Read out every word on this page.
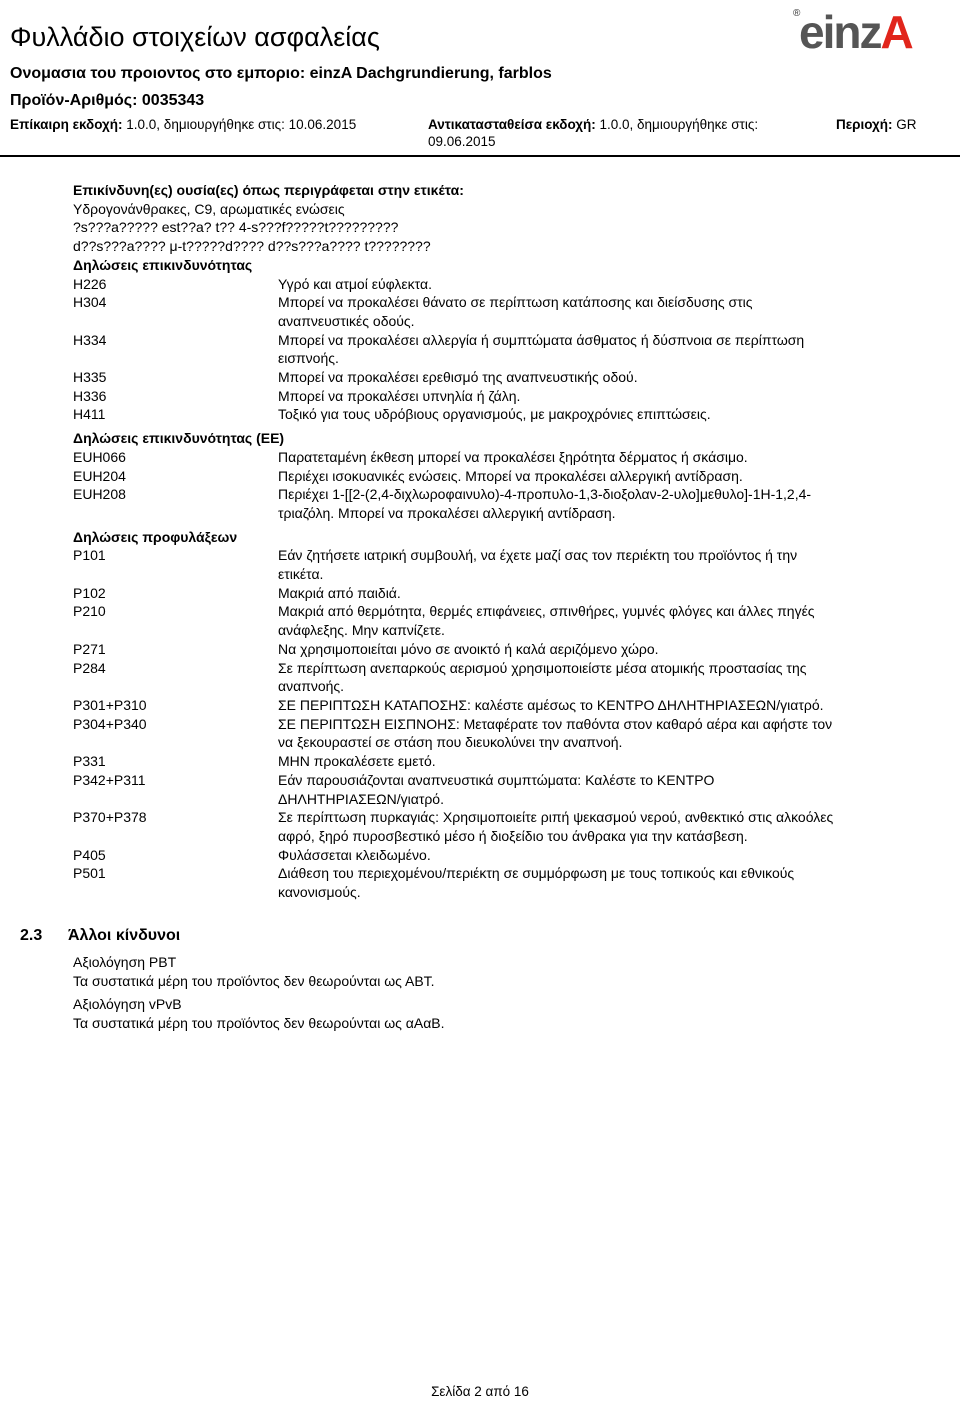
Φυλλάδιο στοιχείων ασφαλείας
®
einzA
Ονομασια του προιοντος στο εμποριο: einzA Dachgrundierung, farblos
Προϊόν-Αριθμός: 0035343
Επίκαιρη εκδοχή: 1.0.0, δημιουργήθηκε στις: 10.06.2015	Αντικατασταθείσα εκδοχή: 1.0.0, δημιουργήθηκε στις:
09.06.2015
Περιοχή: GR
Επικίνδυνη(ες) ουσία(ες) όπως περιγράφεται στην ετικέτα:
Υδρογονάνθρακες, C9, αρωματικές ενώσεις
?s???a????? est??a? t?? 4-s???f?????t?????????
d??s???a???? μ-t?????d???? d??s???a???? t????????
Δηλώσεις επικινδυνότητας
H226	Υγρό και ατμοί εύφλεκτα.
H304	Μπορεί να προκαλέσει θάνατο σε περίπτωση κατάποσης και διείσδυσης στις
αναπνευστικές οδούς.
H334	Μπορεί να προκαλέσει αλλεργία ή συμπτώματα άσθματος ή δύσπνοια σε περίπτωση
εισπνοής.
H335	Μπορεί να προκαλέσει ερεθισμό της αναπνευστικής οδού.
H336	Μπορεί να προκαλέσει υπνηλία ή ζάλη.
H411	Τοξικό για τους υδρόβιους οργανισμούς, με μακροχρόνιες επιπτώσεις.
Δηλώσεις επικινδυνότητας (ΕΕ)
EUH066	Παρατεταμένη έκθεση μπορεί να προκαλέσει ξηρότητα δέρματος ή σκάσιμο.
EUH204	Περιέχει ισοκυανικές ενώσεις. Μπορεί να προκαλέσει αλλεργική αντίδραση.
EUH208	Περιέχει 1-[[2-(2,4-διχλωροφαινυλο)-4-προπυλο-1,3-διοξολαν-2-υλο]μεθυλο]-1H-1,2,4-
τριαζόλη. Μπορεί να προκαλέσει αλλεργική αντίδραση.
Δηλώσεις προφυλάξεων
P101	Εάν ζητήσετε ιατρική συμβουλή, να έχετε μαζί σας τον περιέκτη του προϊόντος ή την
ετικέτα.
P102	Μακριά από παιδιά.
P210	Μακριά από θερμότητα, θερμές επιφάνειες, σπινθήρες, γυμνές φλόγες και άλλες πηγές
ανάφλεξης. Μην καπνίζετε.
P271	Να χρησιμοποιείται μόνο σε ανοικτό ή καλά αεριζόμενο χώρο.
P284	Σε περίπτωση ανεπαρκούς αερισμού χρησιμοποιείστε μέσα ατομικής προστασίας της
αναπνοής.
P301+P310	ΣΕ ΠΕΡΙΠΤΩΣΗ ΚΑΤΑΠΟΣΗΣ: καλέστε αμέσως το ΚΕΝΤΡΟ ΔΗΛΗΤΗΡΙΑΣΕΩΝ/γιατρό.
P304+P340	ΣΕ ΠΕΡΙΠΤΩΣΗ ΕΙΣΠΝΟΗΣ: Μεταφέρατε τον παθόντα στον καθαρό αέρα και αφήστε τον
να ξεκουραστεί σε στάση που διευκολύνει την αναπνοή.
P331	ΜΗΝ προκαλέσετε εμετό.
P342+P311	Εάν παρουσιάζονται αναπνευστικά συμπτώματα: Καλέστε το ΚΕΝΤΡΟ
ΔΗΛΗΤΗΡΙΑΣΕΩΝ/γιατρό.
P370+P378	Σε περίπτωση πυρκαγιάς: Χρησιμοποιείτε ριπή ψεκασμού νερού, ανθεκτικό στις αλκοόλες
αφρό, ξηρό πυροσβεστικό μέσο ή διοξείδιο του άνθρακα για την κατάσβεση.
P405	Φυλάσσεται κλειδωμένο.
P501	Διάθεση του περιεχομένου/περιέκτη σε συμμόρφωση με τους τοπικούς και εθνικούς
κανονισμούς.
2.3 Άλλοι κίνδυνοι
Αξιολόγηση PBT
Τα συστατικά μέρη του προϊόντος δεν θεωρούνται ως ΑΒΤ.
Αξιολόγηση vPvB
Τα συστατικά μέρη του προϊόντος δεν θεωρούνται ως αΑαΒ.
Σελίδα 2 από 16
